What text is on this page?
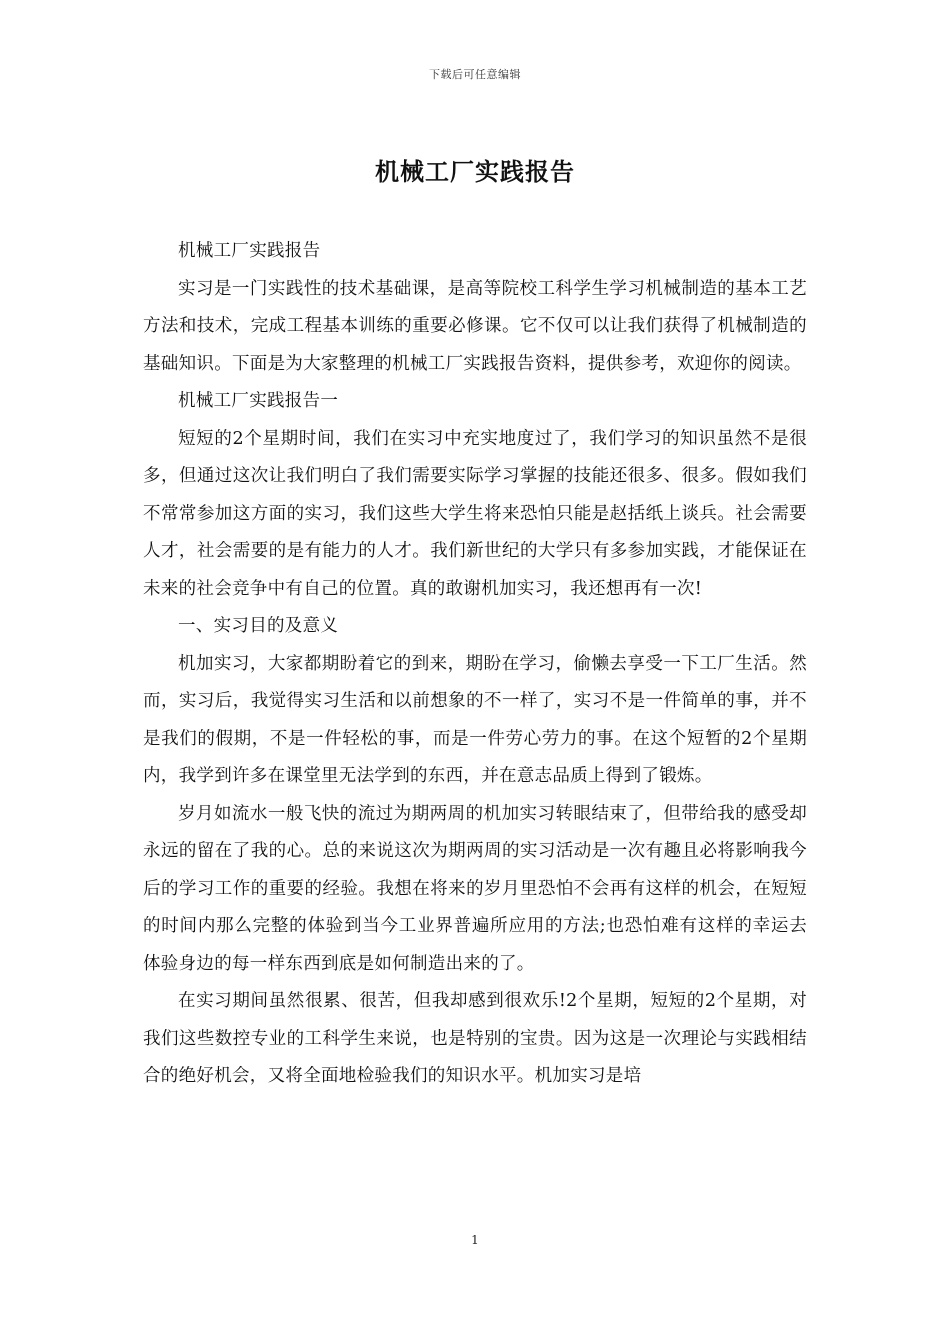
下载后可任意编辑
机械工厂实践报告

机械工厂实践报告

实习是一门实践性的技术基础课，是高等院校工科学生学习机械制造的基本工艺方法和技术，完成工程基本训练的重要必修课。它不仅可以让我们获得了机械制造的基础知识。下面是为大家整理的机械工厂实践报告资料，提供参考，欢迎你的阅读。

机械工厂实践报告一

短短的2个星期时间，我们在实习中充实地度过了，我们学习的知识虽然不是很多，但通过这次让我们明白了我们需要实际学习掌握的技能还很多、很多。假如我们不常常参加这方面的实习，我们这些大学生将来恐怕只能是赵括纸上谈兵。社会需要人才，社会需要的是有能力的人才。我们新世纪的大学只有多参加实践，才能保证在未来的社会竞争中有自己的位置。真的敢谢机加实习，我还想再有一次!

一、实习目的及意义

机加实习，大家都期盼着它的到来，期盼在学习，偷懒去享受一下工厂生活。然而，实习后，我觉得实习生活和以前想象的不一样了，实习不是一件简单的事，并不是我们的假期，不是一件轻松的事，而是一件劳心劳力的事。在这个短暂的2个星期内，我学到许多在课堂里无法学到的东西，并在意志品质上得到了锻炼。

岁月如流水一般飞快的流过为期两周的机加实习转眼结束了，但带给我的感受却永远的留在了我的心。总的来说这次为期两周的实习活动是一次有趣且必将影响我今后的学习工作的重要的经验。我想在将来的岁月里恐怕不会再有这样的机会，在短短的时间内那么完整的体验到当今工业界普遍所应用的方法;也恐怕难有这样的幸运去体验身边的每一样东西到底是如何制造出来的了。

在实习期间虽然很累、很苦，但我却感到很欢乐!2个星期，短短的2个星期，对我们这些数控专业的工科学生来说，也是特别的宝贵。因为这是一次理论与实践相结合的绝好机会，又将全面地检验我们的知识水平。机加实习是培

1
